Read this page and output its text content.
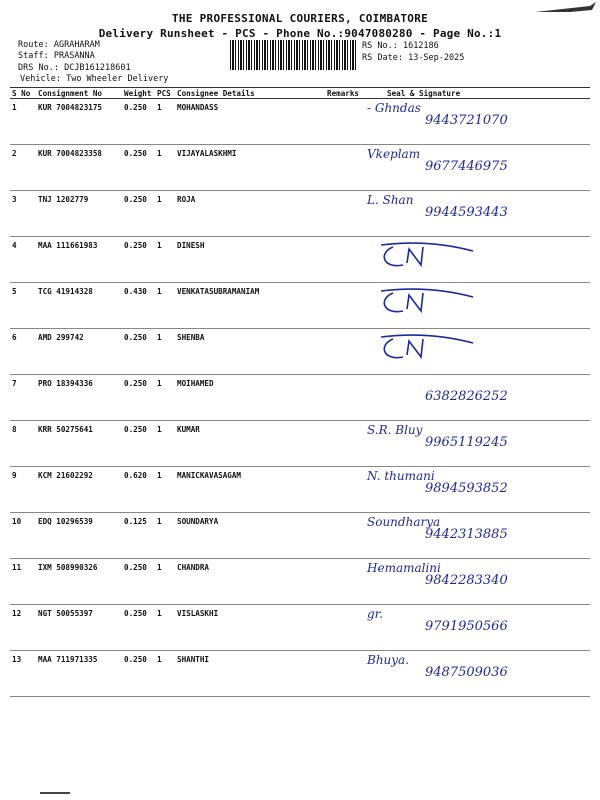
THE PROFESSIONAL COURIERS, COIMBATORE
Delivery Runsheet - PCS - Phone No.:9047080280 - Page No.:1
Route: AGRAHARAM
Staff: PRASANNA
DRS No.: DCJB161218601
Vehicle: Two Wheeler Delivery
RS No.: 1612186
RS Date: 13-Sep-2025
S No	Consignment No	Weight	PCS	Consignee Details	Remarks	Seal & Signature
1	KUR 7004823175	0.250	1	MOHANDASS		- Ghndas
9443721070

2	KUR 7004823358	0.250	1	VIJAYALASKHMI		Vkeplam
9677446975

3	TNJ 1202779	0.250	1	ROJA		L. Shan
9944593443

4	MAA 111661983	0.250	1	DINESH		

5	TCG 41914328	0.430	1	VENKATASUBRAMANIAM		

6	AMD 299742	0.250	1	SHENBA		

7	PRO 18394336	0.250	1	MOIHAMED		6382826252

8	KRR 50275641	0.250	1	KUMAR		S.R. Bluy
9965119245

9	KCM 21602292	0.620	1	MANICKAVASAGAM		N. thumani
9894593852

10	EDQ 10296539	0.125	1	SOUNDARYA		Soundharya
9442313885

11	IXM 508990326	0.250	1	CHANDRA		Hemamalini
9842283340

12	NGT 50055397	0.250	1	VISLASKHI		gr.
9791950566

13	MAA 711971335	0.250	1	SHANTHI		Bhuya.
9487509036
